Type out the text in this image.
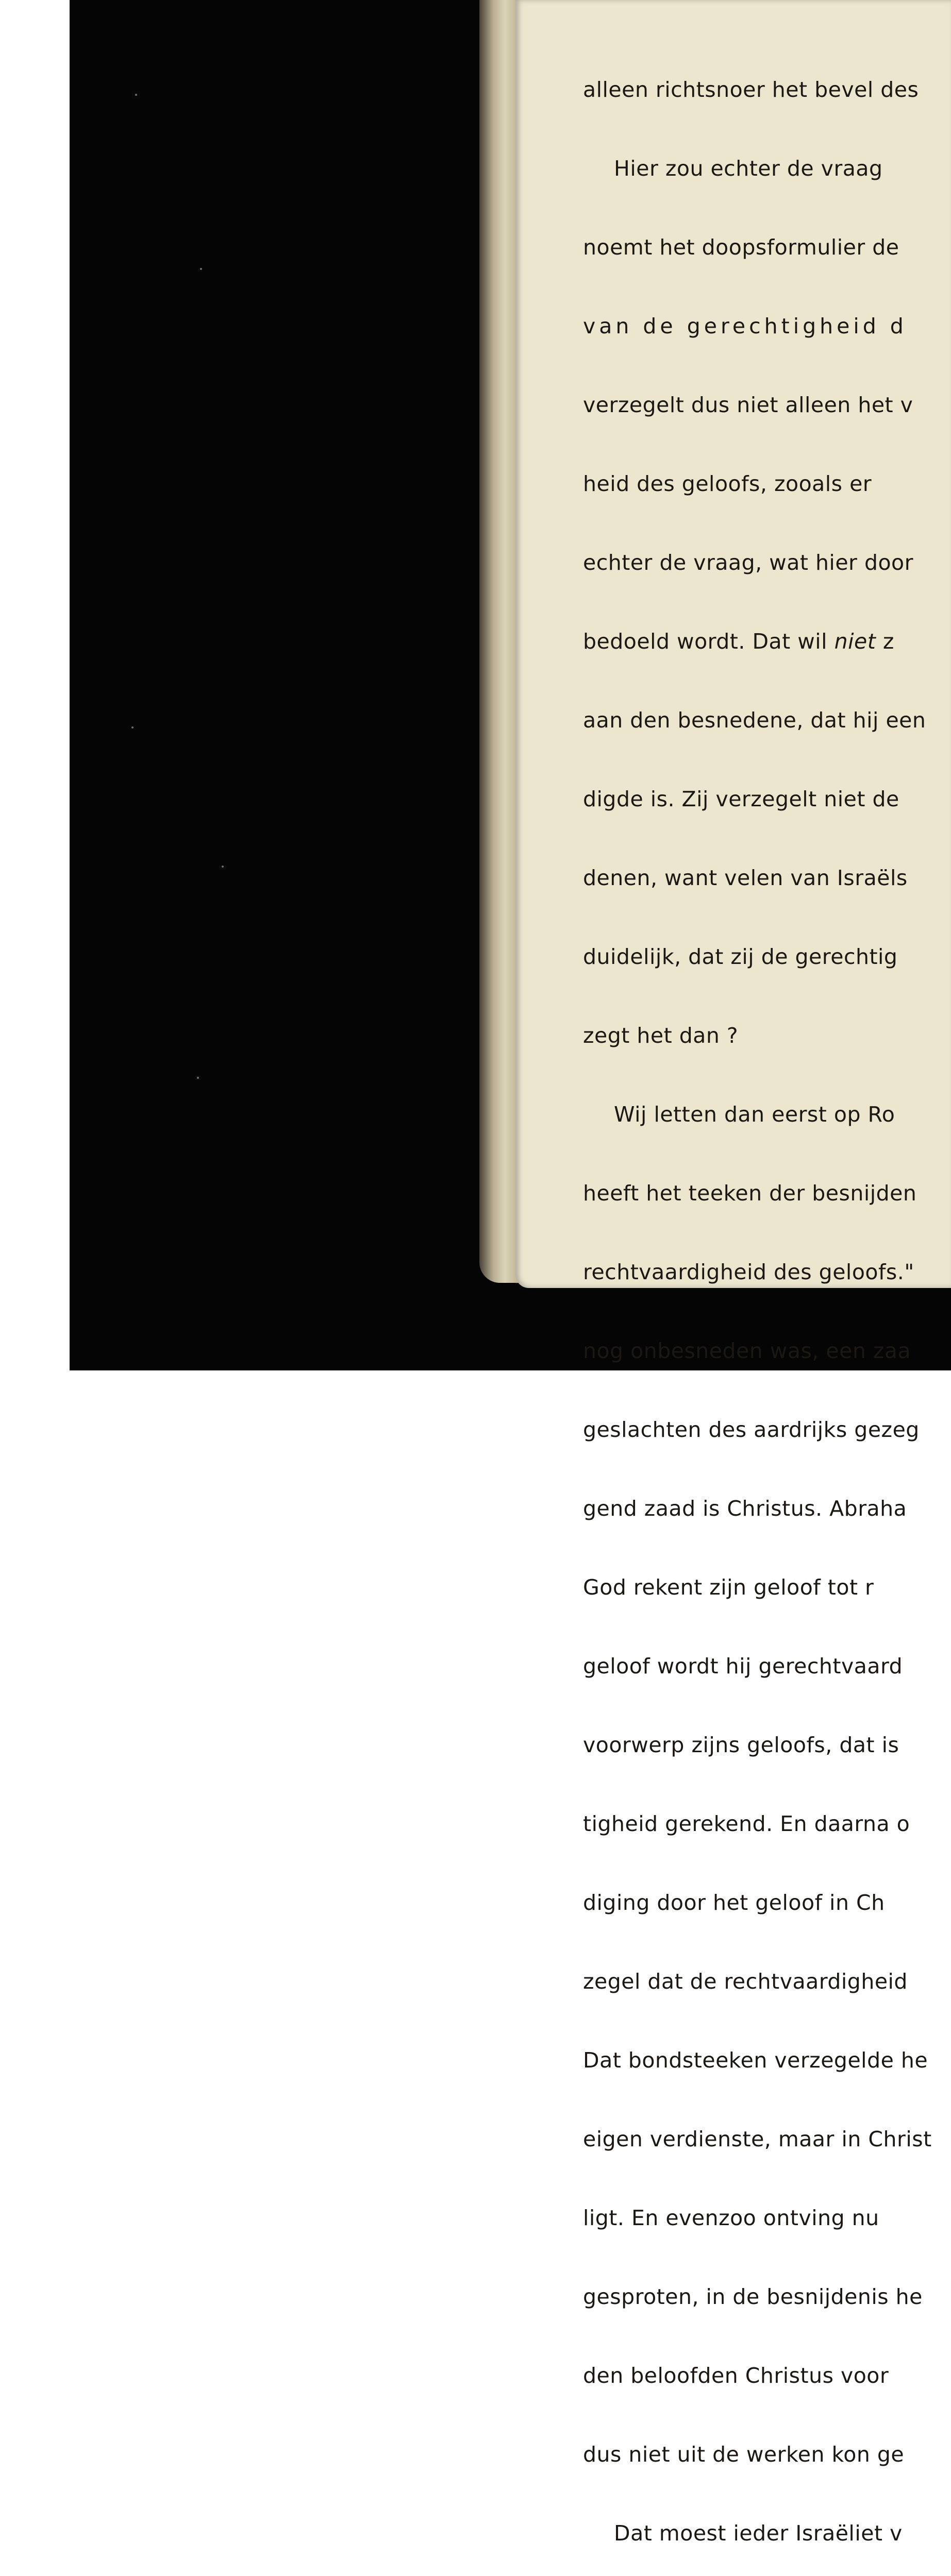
alleen richtsnoer het bevel des

Hier zou echter de vraag

noemt het doopsformulier de

van de gerechtigheid d

verzegelt dus niet alleen het v

heid des geloofs, zooals er

echter de vraag, wat hier door

bedoeld wordt. Dat wil niet z

aan den besnedene, dat hij een

digde is. Zij verzegelt niet de

denen, want velen van Israëls

duidelijk, dat zij de gerechtig

zegt het dan ?

Wij letten dan eerst op Ro

heeft het teeken der besnijden

rechtvaardigheid des geloofs."

nog onbesneden was, een zaa

geslachten des aardrijks gezeg

gend zaad is Christus. Abraha

God rekent zijn geloof tot r

geloof wordt hij gerechtvaard

voorwerp zijns geloofs, dat is

tigheid gerekend. En daarna o

diging door het geloof in Ch

zegel dat de rechtvaardigheid

Dat bondsteeken verzegelde he

eigen verdienste, maar in Christ

ligt. En evenzoo ontving nu

gesproten, in de besnijdenis he

den beloofden Christus voor

dus niet uit de werken kon ge

Dat moest ieder Israëliet v
